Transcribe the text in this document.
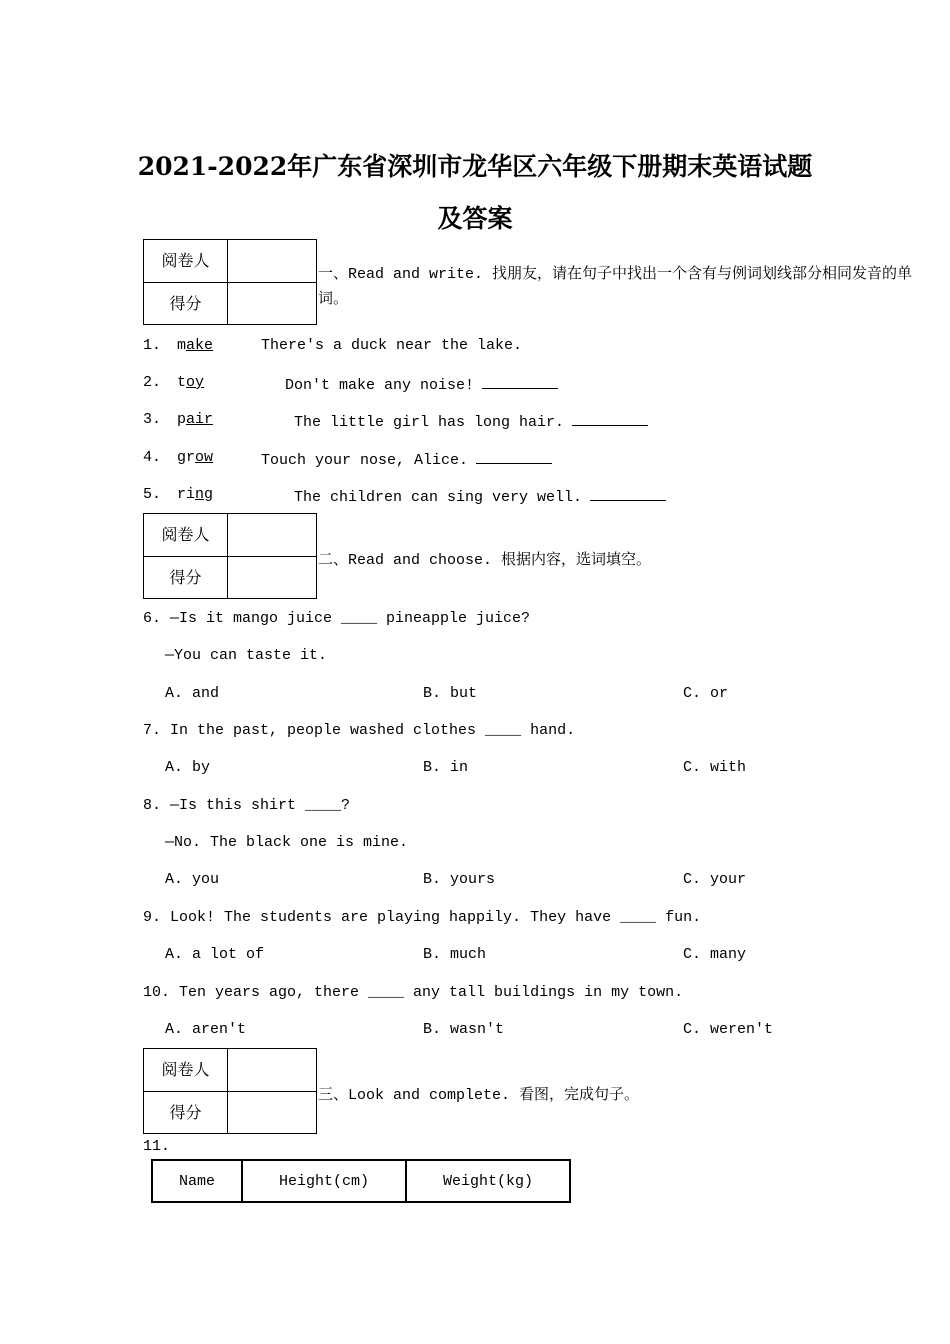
2021-2022年广东省深圳市龙华区六年级下册期末英语试题
及答案
阅卷人
得分
一、Read and write. 找朋友，请在句子中找出一个含有与例词划线部分相同发音的单
词。
1. make	There's a duck near the lake.
2. toy	Don't make any noise!
3. pair	The little girl has long hair.
4. grow	Touch your nose, Alice.
5. ring	The children can sing very well.
阅卷人
得分
二、Read and choose. 根据内容，选词填空。
6. —Is it mango juice ____ pineapple juice?
—You can taste it.
A. and	B. but	C. or
7. In the past, people washed clothes ____ hand.
A. by	B. in	C. with
8. —Is this shirt ____?
—No. The black one is mine.
A. you	B. yours	C. your
9. Look! The students are playing happily. They have ____ fun.
A. a lot of	B. much	C. many
10. Ten years ago, there ____ any tall buildings in my town.
A. aren't	B. wasn't	C. weren't
阅卷人
得分
三、Look and complete. 看图，完成句子。
11.
Name	Height(cm)	Weight(kg)
